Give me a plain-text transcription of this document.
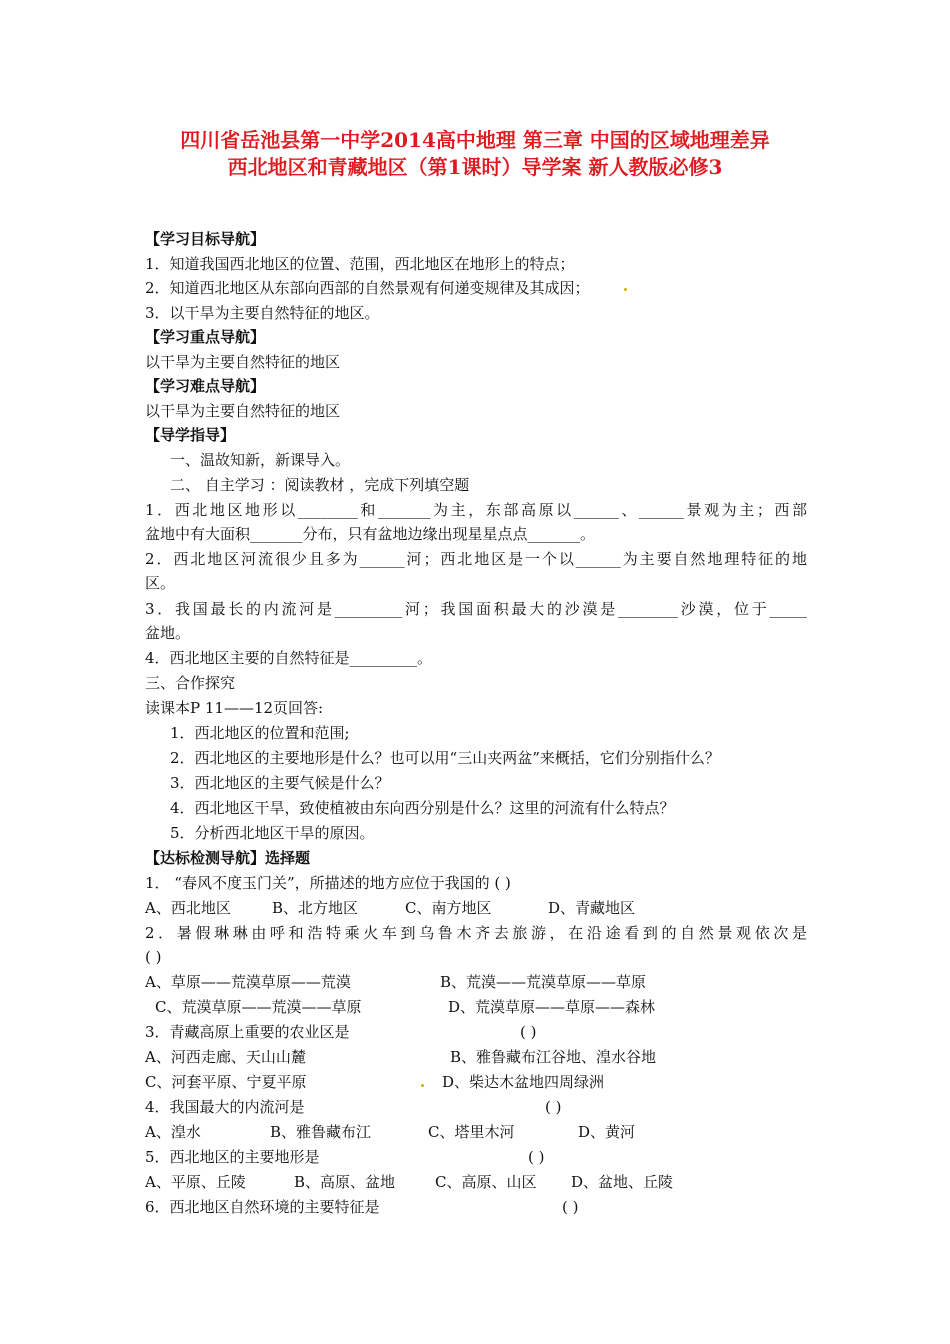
四川省岳池县第一中学2014高中地理 第三章 中国的区域地理差异
西北地区和青藏地区（第1课时）导学案 新人教版必修3
【学习目标导航】
1．知道我国西北地区的位置、范围，西北地区在地形上的特点；
2．知道西北地区从东部向西部的自然景观有何递变规律及其成因；
3．以干旱为主要自然特征的地区。
【学习重点导航】
以干旱为主要自然特征的地区
【学习难点导航】
以干旱为主要自然特征的地区
【导学指导】
一、温故知新，新课导入。
二、 自主学习 ：阅读教材 ，完成下列填空题
1．西北地区地形以________和_______为主，东部高原以______、______景观为主；西部
盆地中有大面积_______分布，只有盆地边缘出现星星点点_______。
2．西北地区河流很少且多为______河；西北地区是一个以______为主要自然地理特征的地
区。
3．我国最长的内流河是_________河；我国面积最大的沙漠是________沙漠，位于_____
盆地。
4．西北地区主要的自然特征是_________。
三、合作探究
读课本P 11——12页回答:
1．西北地区的位置和范围;
2．西北地区的主要地形是什么？也可以用“三山夹两盆”来概括，它们分别指什么？
3．西北地区的主要气候是什么？
4．西北地区干旱，致使植被由东向西分别是什么？这里的河流有什么特点？
5．分析西北地区干旱的原因。
【达标检测导航】选择题
1． “春风不度玉门关”，所描述的地方应位于我国的 ( )
A、西北地区	B、北方地区	C、南方地区	D、青藏地区
2．暑假琳琳由呼和浩特乘火车到乌鲁木齐去旅游，在沿途看到的自然景观依次是
( )
A、草原——荒漠草原——荒漠	B、荒漠——荒漠草原——草原
C、荒漠草原——荒漠——草原	D、荒漠草原——草原——森林
3．青藏高原上重要的农业区是	( )
A、河西走廊、天山山麓	B、雅鲁藏布江谷地、湟水谷地
C、河套平原、宁夏平原	D、柴达木盆地四周绿洲
4．我国最大的内流河是	( )
A、湟水	B、雅鲁藏布江	C、塔里木河	D、黄河
5．西北地区的主要地形是	( )
A、平原、丘陵	B、高原、盆地	C、高原、山区 D、盆地、丘陵
6．西北地区自然环境的主要特征是	( )
